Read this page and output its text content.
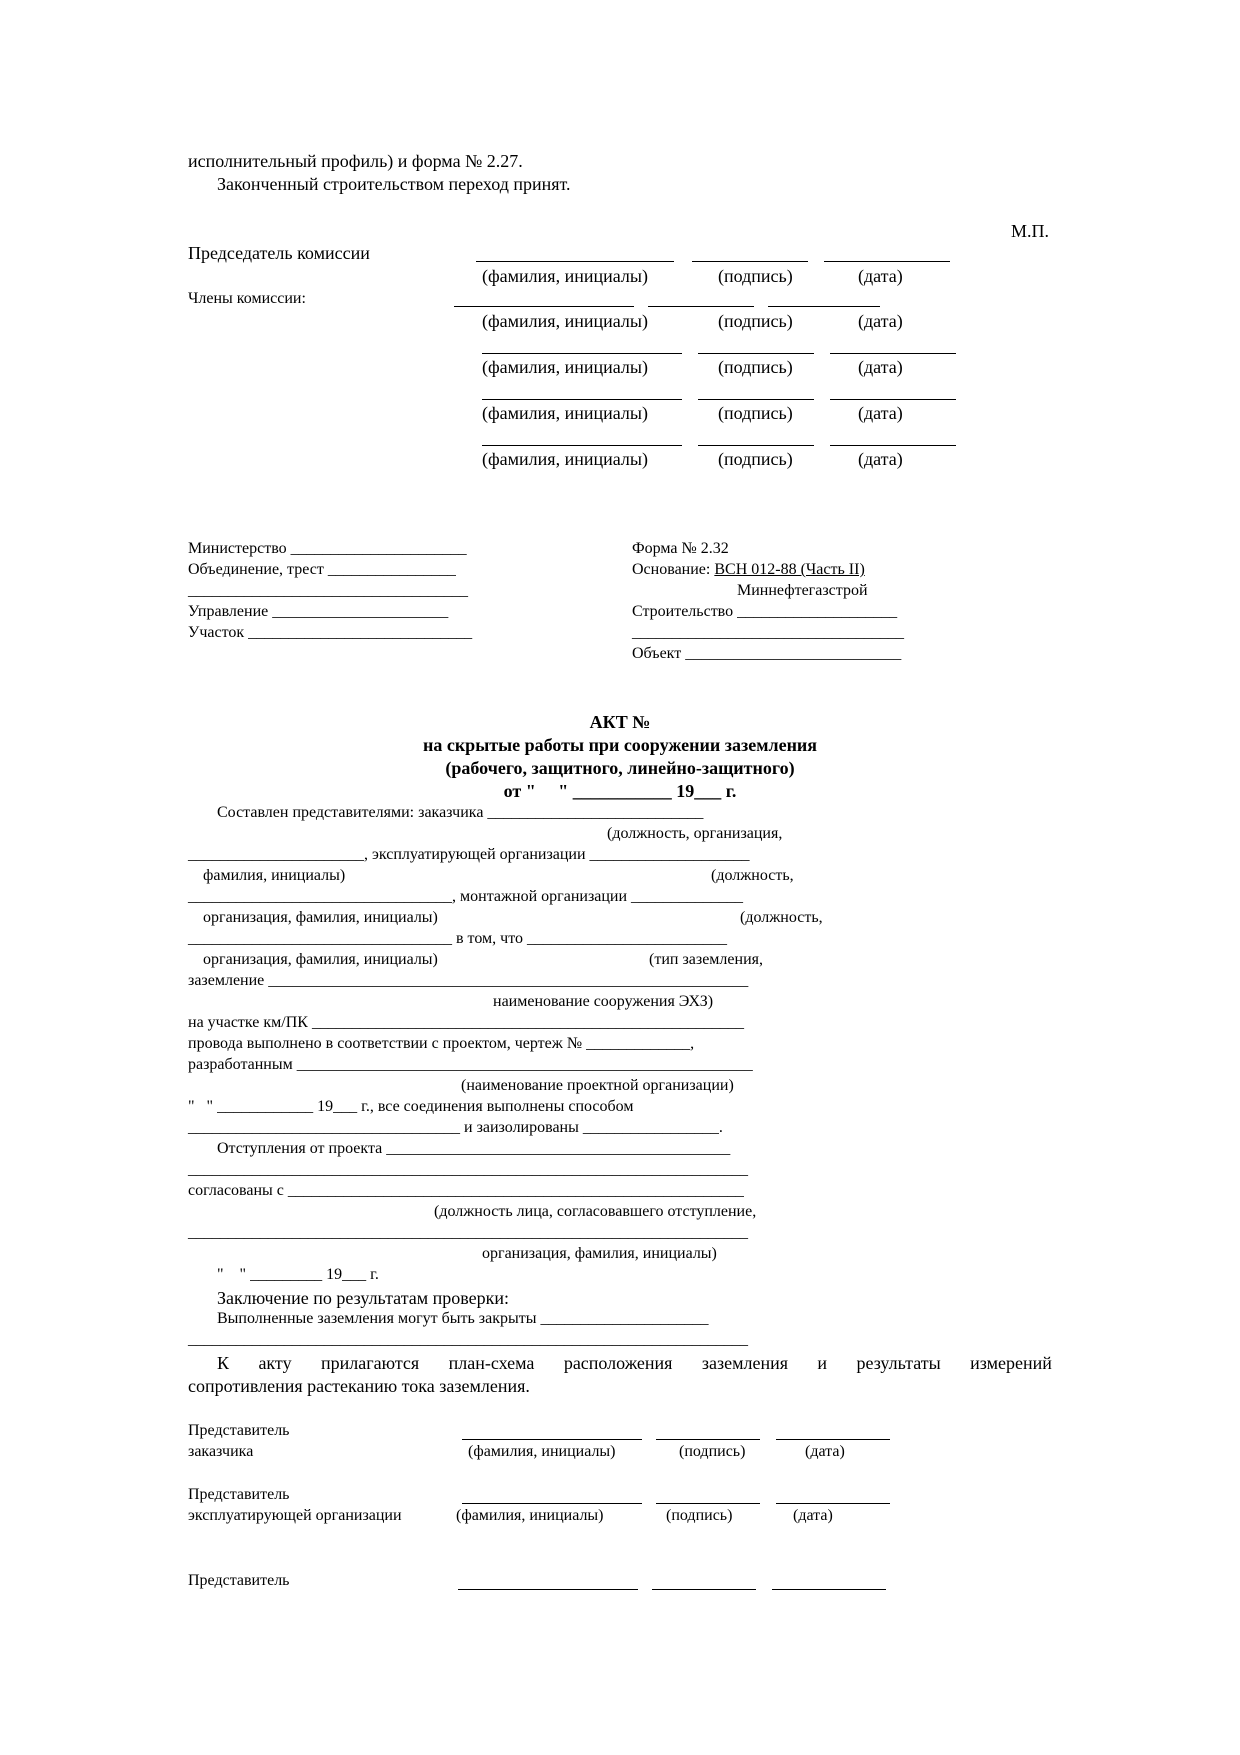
исполнительный профиль) и форма № 2.27.
Законченный строительством переход принят.
М.П.
Председатель комиссии
(фамилия, инициалы)	(подпись)	(дата)
Члены комиссии:
(фамилия, инициалы)	(подпись)	(дата)
(фамилия, инициалы)	(подпись)	(дата)
(фамилия, инициалы)	(подпись)	(дата)
(фамилия, инициалы)	(подпись)	(дата)
Министерство ______________________
Объединение, трест ________________
___________________________________
Управление ______________________
Участок ____________________________
Форма № 2.32
Основание: ВСН 012-88 (Часть II)
Миннефтегазстрой
Строительство ____________________
__________________________________
Объект ___________________________
АКТ №
на скрытые работы при сооружении заземления
(рабочего, защитного, линейно-защитного)
от "     " ___________ 19___ г.
Составлен представителями: заказчика ___________________________
(должность, организация,
______________________, эксплуатирующей организации ____________________
фамилия, инициалы)	(должность,
_________________________________, монтажной организации ______________
организация, фамилия, инициалы)	(должность,
_________________________________ в том, что _________________________
организация, фамилия, инициалы)	(тип заземления,
заземление ____________________________________________________________
наименование сооружения ЭХЗ)
на участке км/ПК ______________________________________________________
провода выполнено в соответствии с проектом, чертеж № _____________,
разработанным _________________________________________________________
(наименование проектной организации)
"   " ____________ 19___ г., все соединения выполнены способом
__________________________________ и заизолированы _________________.
Отступления от проекта ___________________________________________
______________________________________________________________________
согласованы с _________________________________________________________
(должность лица, согласовавшего отступление,
______________________________________________________________________
организация, фамилия, инициалы)
"    " _________ 19___ г.
Заключение по результатам проверки:
Выполненные заземления могут быть закрыты _____________________
______________________________________________________________________
К акту прилагаются план-схема расположения заземления и результаты измерений
сопротивления растеканию тока заземления.
Представитель
заказчика	(фамилия, инициалы)	(подпись)	(дата)
Представитель
эксплуатирующей организации	(фамилия, инициалы)	(подпись)	(дата)
Представитель
